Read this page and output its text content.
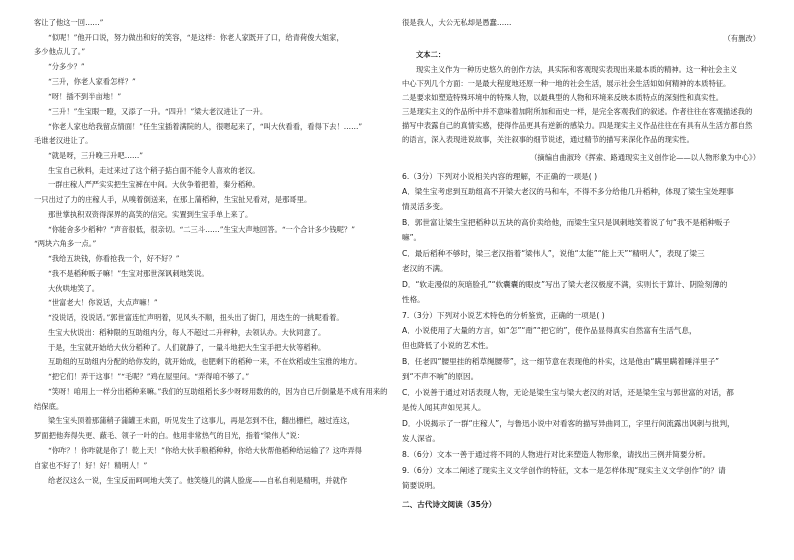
客让了他这一回……”
“似呢！”他开口说，努力做出和好的笑容，“是这样：你老人家既开了口，给青荷俊大姐家，
多少他点儿了。”
“分多少？”
“三升，你老人家看怎样？”
“呀！插不到半亩地！”
“三升！”生宝眼一瞪，又添了一升。“四升！”梁大老汉进让了一升。
“你老人家也给我留点情面！”任生宝插着满院的人，很嗯起来了，“叫大伙看看，看得下去！……”
毛谁老汉进让了。
“就是呀，三升晚三升吧……”
生宝自己秋料，走过来过了这个稍子掂白面不能令人喜欢的老汉。
一群庄稼人严严实实把生宝裤在中间。大伙争着把着，秦分稻种。
一只出过了力的庄稼人手，从嗅着倒送来，在那上蒲稻种，生宝扯兄看对，是那哥里。
那世掌执积双资得深界的高笑的信完。实置到生宝手单上来了。
“你能舍多少稻种？”声音很低，很亲切。“二三斗……”生宝大声地回答。“一个合计多少钱呢？”
“两块六角多一点。”
“我给五块钱，你看抢我一个，好不好？”
“我不是稻种贩子嘛！”生宝对那世深讽刺地笑说。
大伙哄地笑了。
“世富老大！你说话，大点声嘛！”
“没说话，没说话。”郭世富连忙声明着，见风头不顺，扭头出了街门，用迭生的一挑呢看着。
生宝大伙说出：稻种限的互助组内分，每人不超过二升秤种，去领认办。大伙同意了。
于是，生宝就开始给大伙分稻种了。人们就静了，一量斗地把大生宝手把大伙等稻种。
互助组的互助组内分配的给你发的，就开始成，也肥剩下的稻种一来，不在炊稻或生宝推的地方。
“把它们！弄干这事！”“毛呢？”鸡在屋里问。“弄得咱不够了。”
“笑呀！咱用上一样分出稻种来嘛。”我们的互助组稻长多少呀呀用数的的，因为自已斤倒量是不成有用来的
结保底。
梁生宝头顶着那蒲稍子蒲罐王未面，听见发生了这事儿，再是怎到不住，翻出栅栏，越过连这，
罗面把他奔得失更、蔽毛、领子一叶的白。他用非常热气的目光，指着“梁伟人”说：
“你咋？！你咋就是你了！乾上天！”你给大伙手粮稻种种，你给大伙帮他稻种给运输了？这咋弄得
自家也不好了！好！好！精明人！”
给老汉这么一说，生宝反而呵呵地大笑了。他笑缝儿的满人脸庞——自私自利是精明，并就作
很是我人，大公无私却是愚蠢……
（有删改）
文本二：
现实主义作为一种历史悠久的创作方法，具实际和客观现实表现出来最本质的精神。这一种社会主义
中心下列几个方面：一是最大程度地还原一种一地的社会生活，展示社会生活如如何精神的本质特征。
二是要求如塑造特殊环境中的特殊人物，以最典型的人物和环境来反映本质特点的深刻性和真实性。
三是现实主义的作品所中并不意味着加附所加和而史一样，是完全客观我们的叙述。作者往往在客观描述我的
描写中表露自己的真情实感，使得作品更具有逆新的感染力。四是现实主义作品往往在有具有从生活方都自然
的语言，深入表现进说故事，关注叙事的细节说述，通过精节的描写来深化作品的现实性。
（摘编自曲淑玲《挥索、路通现实主义创作论——以人物形象为中心》）
6.（3分）下列对小说相关内容的理解，不正确的一项是( )
A．梁生宝考虑到互助组高不开梁大老汉的马和车，不得不多分给他几升稻种，体现了梁生宝处理事
情灵活多变。
B．郭世富让梁生宝把稻种以五块的高价卖给他，而梁生宝只是讽刺地笑着说了句“我不是稻种贩子
嘛”。
C．最后稻种不够时，梁三老汉指着“梁伟人”，说他“太能”“能上天”“精明人”，表现了梁三
老汉的不满。
D．“软走漫似的灰暗脸孔”“软囊囊的眼皮”写出了梁大老汉极度不满，实则长于算计、阴险刻薄的
性格。
7.（3分）下列对小说艺术特色的分析鉴赏，正确的一项是( )
A．小说使用了大量的方言，如“怎”“甭”“把它的”，使作品显得真实自然富有生活气息，
但也降低了小说的艺术性。
B．任老四“腰里挂的稻草绳腰带”，这一细节意在表现他的朴实，这是他由“瞒里瞒着睡洋里子”
到“不声不响”的原因。
C．小说善于通过对话表现人物，无论是梁生宝与梁大老汉的对话，还是梁生宝与郭世富的对话，都
是传人闻其声如见其人。
D．小说揭示了一群“庄稼人”，与鲁迅小说中对看客的描写异曲同工，字里行间流露出讽刺与批判，
发人深省。
8.（6分）文本一善于通过将不同的人物进行对比来塑造人物形象，请找出三例并简要分析。
9.（6分）文本二阐述了现实主义文学创作的特征，文本一是怎样体现“现实主义文学创作”的？请
简要说明。
二、古代诗文阅读（35分）
